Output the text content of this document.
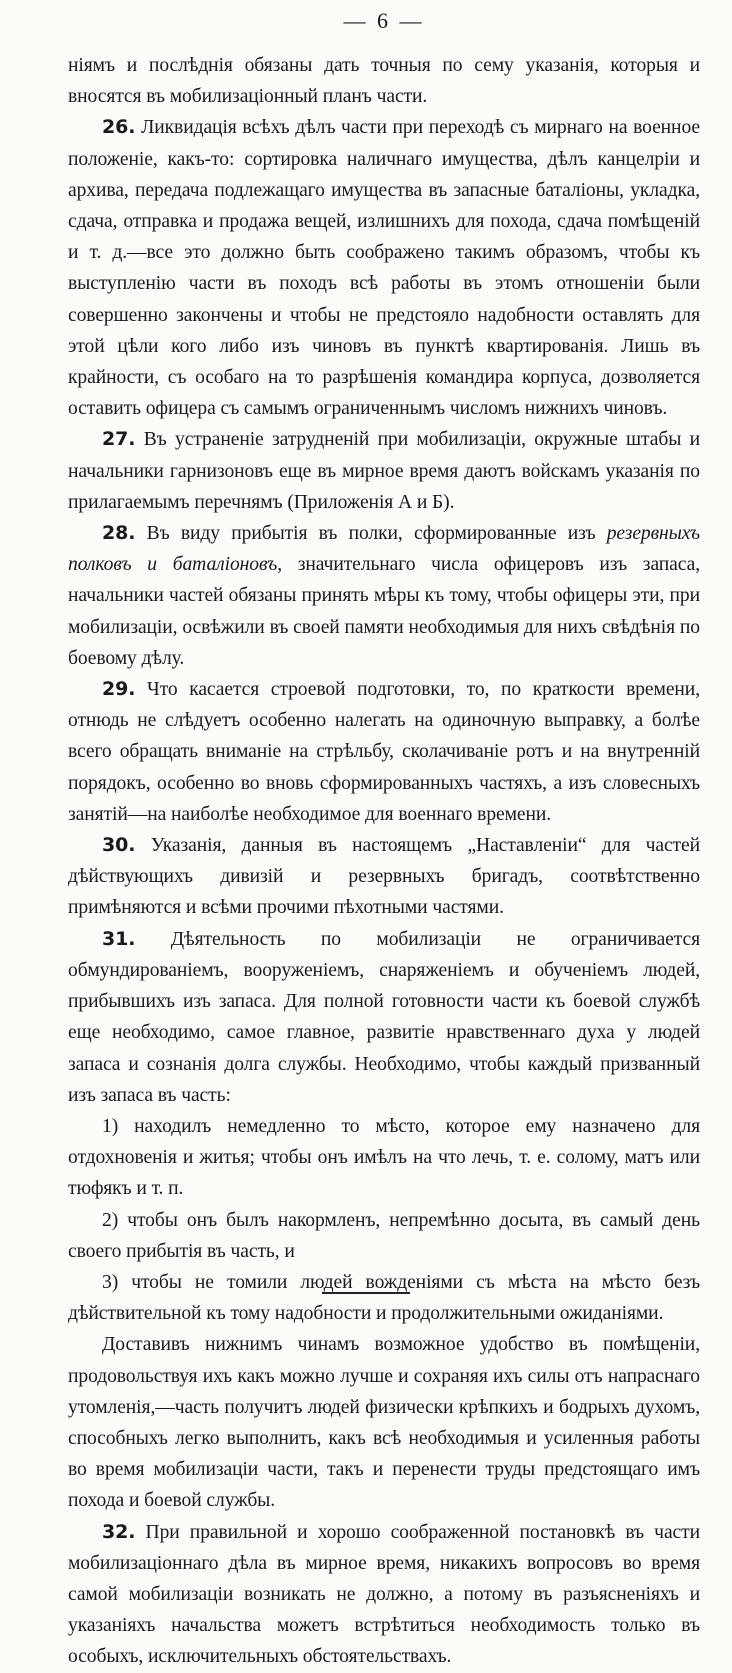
— 6 —

ніямъ и послѣднія обязаны дать точныя по сему указанія, которыя и вносятся въ мобилизаціонный планъ части.

26. Ликвидація всѣхъ дѣлъ части при переходѣ съ мирнаго на военное положеніе, какъ-то: сортировка наличнаго имущества, дѣлъ канцелріи и архива, передача подлежащаго имущества въ запасные баталіоны, укладка, сдача, отправка и продажа вещей, излишнихъ для похода, сдача помѣщеній и т. д.—все это должно быть соображено такимъ образомъ, чтобы къ выступленію части въ походъ всѣ работы въ этомъ отношеніи были совершенно закончены и чтобы не предстояло надобности оставлять для этой цѣли кого либо изъ чиновъ въ пунктѣ квартированія. Лишь въ крайности, съ особаго на то разрѣшенія командира корпуса, дозволяется оставить офицера съ самымъ ограниченнымъ числомъ нижнихъ чиновъ.

27. Въ устраненіе затрудненій при мобилизаціи, окружные штабы и начальники гарнизоновъ еще въ мирное время даютъ войскамъ указанія по прилагаемымъ перечнямъ (Приложенія А и Б).

28. Въ виду прибытія въ полки, сформированные изъ резервныхъ полковъ и баталіоновъ, значительнаго числа офицеровъ изъ запаса, начальники частей обязаны принять мѣры къ тому, чтобы офицеры эти, при мобилизаціи, освѣжили въ своей памяти необходимыя для нихъ свѣдѣнія по боевому дѣлу.

29. Что касается строевой подготовки, то, по краткости времени, отнюдь не слѣдуетъ особенно налегать на одиночную выправку, а болѣе всего обращать вниманіе на стрѣльбу, сколачиваніе ротъ и на внутренній порядокъ, особенно во вновь сформированныхъ частяхъ, а изъ словесныхъ занятій—на наиболѣе необходимое для военнаго времени.

30. Указанія, данныя въ настоящемъ „Наставленіи“ для частей дѣйствующихъ дивизій и резервныхъ бригадъ, соотвѣтственно примѣняются и всѣми прочими пѣхотными частями.

31. Дѣятельность по мобилизаціи не ограничивается обмундированіемъ, вооруженіемъ, снаряженіемъ и обученіемъ людей, прибывшихъ изъ запаса. Для полной готовности части къ боевой службѣ еще необходимо, самое главное, развитіе нравственнаго духа у людей запаса и сознанія долга службы. Необходимо, чтобы каждый призванный изъ запаса въ часть:

1) находилъ немедленно то мѣсто, которое ему назначено для отдохновенія и житья; чтобы онъ имѣлъ на что лечь, т. е. солому, матъ или тюфякъ и т. п.

2) чтобы онъ былъ накормленъ, непремѣнно досыта, въ самый день своего прибытія въ часть, и

3) чтобы не томили людей вожденіями съ мѣста на мѣсто безъ дѣйствительной къ тому надобности и продолжительными ожиданіями.

Доставивъ нижнимъ чинамъ возможное удобство въ помѣщеніи, продовольствуя ихъ какъ можно лучше и сохраняя ихъ силы отъ напраснаго утомленія,—часть получитъ людей физически крѣпкихъ и бодрыхъ духомъ, способныхъ легко выполнить, какъ всѣ необходимыя и усиленныя работы во время мобилизаціи части, такъ и перенести труды предстоящаго имъ похода и боевой службы.

32. При правильной и хорошо соображенной постановкѣ въ части мобилизаціоннаго дѣла въ мирное время, никакихъ вопросовъ во время самой мобилизаціи возникать не должно, а потому въ разъясненіяхъ и указаніяхъ начальства можетъ встрѣтиться необходимость только въ особыхъ, исключительныхъ обстоятельствахъ.
